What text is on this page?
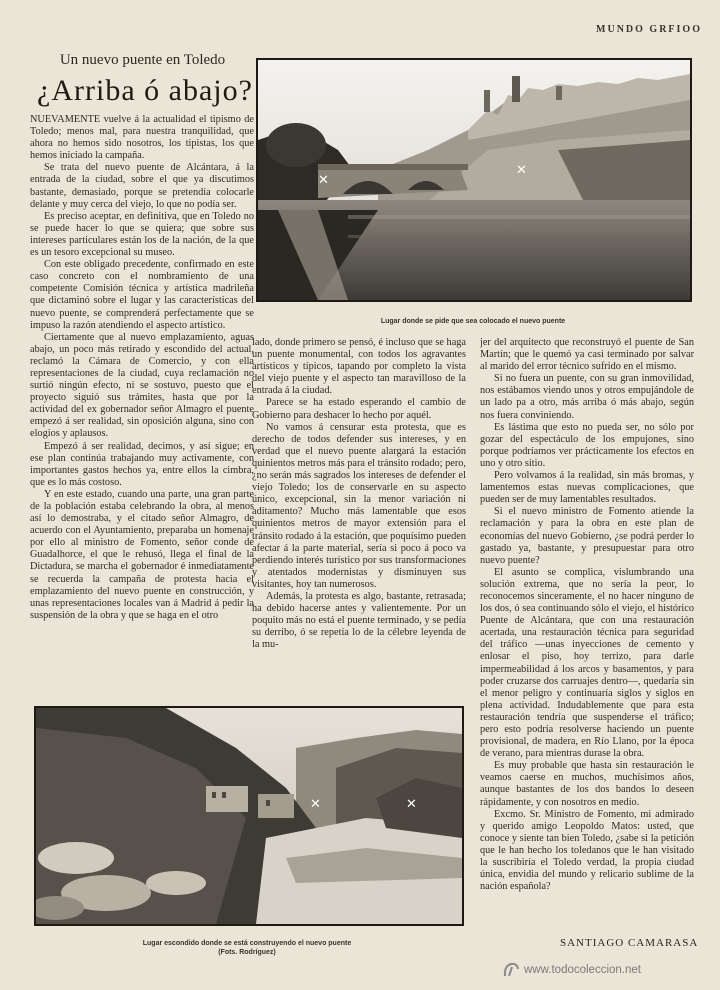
MUNDO GRFIOO
Un nuevo puente en Toledo
¿Arriba ó abajo?

NUEVAMENTE vuelve á la actualidad el tipismo de Toledo; menos mal, para nuestra tranquilidad, que ahora no hemos sido nosotros, los tipistas, los que hemos iniciado la campaña.

Se trata del nuevo puente de Alcántara, á la entrada de la ciudad, sobre el que ya discutimos bastante, demasiado, porque se pretendía colocarle delante y muy cerca del viejo, lo que no podía ser.

Es preciso aceptar, en definitiva, que en Toledo no se puede hacer lo que se quiera; que sobre sus intereses particulares están los de la nación, de la que es un tesoro excepcional su museo.

Con este obligado precedente, confirmado en este caso concreto con el nombramiento de una competente Comisión técnica y artística madrileña que dictaminó sobre el lugar y las características del nuevo puente, se comprenderá perfectamente que se impuso la razón atendiendo el aspecto artístico.

Ciertamente que al nuevo emplazamiento, aguas abajo, un poco más retirado y escondido del actual, reclamó la Cámara de Comercio, y con ella representaciones de la ciudad, cuya reclamación no surtió ningún efecto, ni se sostuvo, puesto que el proyecto siguió sus trámites, hasta que por la actividad del ex gobernador señor Almagro el puente empezó á ser realidad, sin oposición alguna, sino con elogios y aplausos.

Empezó á ser realidad, decimos, y así sigue; en ese plan continúa trabajando muy activamente, con importantes gastos hechos ya, entre ellos la cimbra, que es lo más costoso.

Y en este estado, cuando una parte, una gran parte de la población estaba celebrando la obra, al menos así lo demostraba, y el citado señor Almagro, de acuerdo con el Ayuntamiento, preparaba un homenaje por ello al ministro de Fomento, señor conde de Guadalhorce, el que le rehusó, llega el final de la Dictadura, se marcha el gobernador é inmediatamente se recuerda la campaña de protesta hacia el emplazamiento del nuevo puente en construcción, y unas representaciones locales van á Madrid á pedir la suspensión de la obra y que se haga en el otro

✕
✕
Lugar donde se pide que sea colocado el nuevo puente

lado, donde primero se pensó, é incluso que se haga un puente monumental, con todos los agravantes artísticos y típicos, tapando por completo la vista del viejo puente y el aspecto tan maravilloso de la entrada á la ciudad.

Parece se ha estado esperando el cambio de Gobierno para deshacer lo hecho por aquél.

No vamos á censurar esta protesta, que es derecho de todos defender sus intereses, y en verdad que el nuevo puente alargará la estación quinientos metros más para el tránsito rodado; pero, ¿no serán más sagrados los intereses de defender el viejo Toledo; los de conservarle en su aspecto único, excepcional, sin la menor variación ni aditamento? Mucho más lamentable que esos quinientos metros de mayor extensión para el tránsito rodado á la estación, que poquísimo pueden afectar á la parte material, sería si poco á poco va perdiendo interés turístico por sus transformaciones y atentados modernistas y disminuyen sus visitantes, hoy tan numerosos.

Además, la protesta es algo, bastante, retrasada; ha debido hacerse antes y valientemente. Por un poquito más no está el puente terminado, y se pedía su derribo, ó se repetía lo de la célebre leyenda de la mu-

jer del arquitecto que reconstruyó el puente de San Martín; que le quemó ya casi terminado por salvar al marido del error técnico sufrido en el mismo.

Si no fuera un puente, con su gran inmovilidad, nos estábamos viendo unos y otros empujándole de un lado pa a otro, más arriba ó más abajo, según nos fuera conviniendo.

Es lástima que esto no pueda ser, no sólo por gozar del espectáculo de los empujones, sino porque podríamos ver prácticamente los efectos en uno y otro sitio.

Pero volvamos á la realidad, sin más bromas, y lamentemos estas nuevas complicaciones, que pueden ser de muy lamentables resultados.

Si el nuevo ministro de Fomento atiende la reclamación y para la obra en este plan de economías del nuevo Gobierno, ¿se podrá perder lo gastado ya, bastante, y presupuestar para otro nuevo puente?

El asunto se complica, vislumbrando una solución extrema, que no sería la peor, lo reconocemos sinceramente, el no hacer ninguno de los dos, ó sea continuando sólo el viejo, el histórico Puente de Alcántara, que con una restauración acertada, una restauración técnica para seguridad del tráfico —unas inyecciones de cemento y enlosar el piso, hoy terrizo, para darle impermeabilidad á los arcos y basamentos, y para poder cruzarse dos carruajes dentro—, quedaría sin el menor peligro y continuaría siglos y siglos en plena actividad. Indudablemente que para esta restauración tendría que suspenderse el tráfico; pero esto podría resolverse haciendo un puente provisional, de madera, en Río Llano, por la época de verano, para mientras durase la obra.

Es muy probable que hasta sin restauración le veamos caerse en muchos, muchísimos años, aunque bastantes de los dos bandos lo deseen rápidamente, y con nosotros en medio.

Excmo. Sr. Ministro de Fomento, mi admirado y querido amigo Leopoldo Matos: usted, que conoce y siente tan bien Toledo, ¿sabe si la petición que le han hecho los toledanos que le han visitado la suscribiría el Toledo verdad, la propia ciudad única, envidia del mundo y relicario sublime de la nación española?

✕	✕
Lugar escondido donde se está construyendo el nuevo puente
(Fots. Rodríguez)
SANTIAGO CAMARASA
www.todocoleccion.net
